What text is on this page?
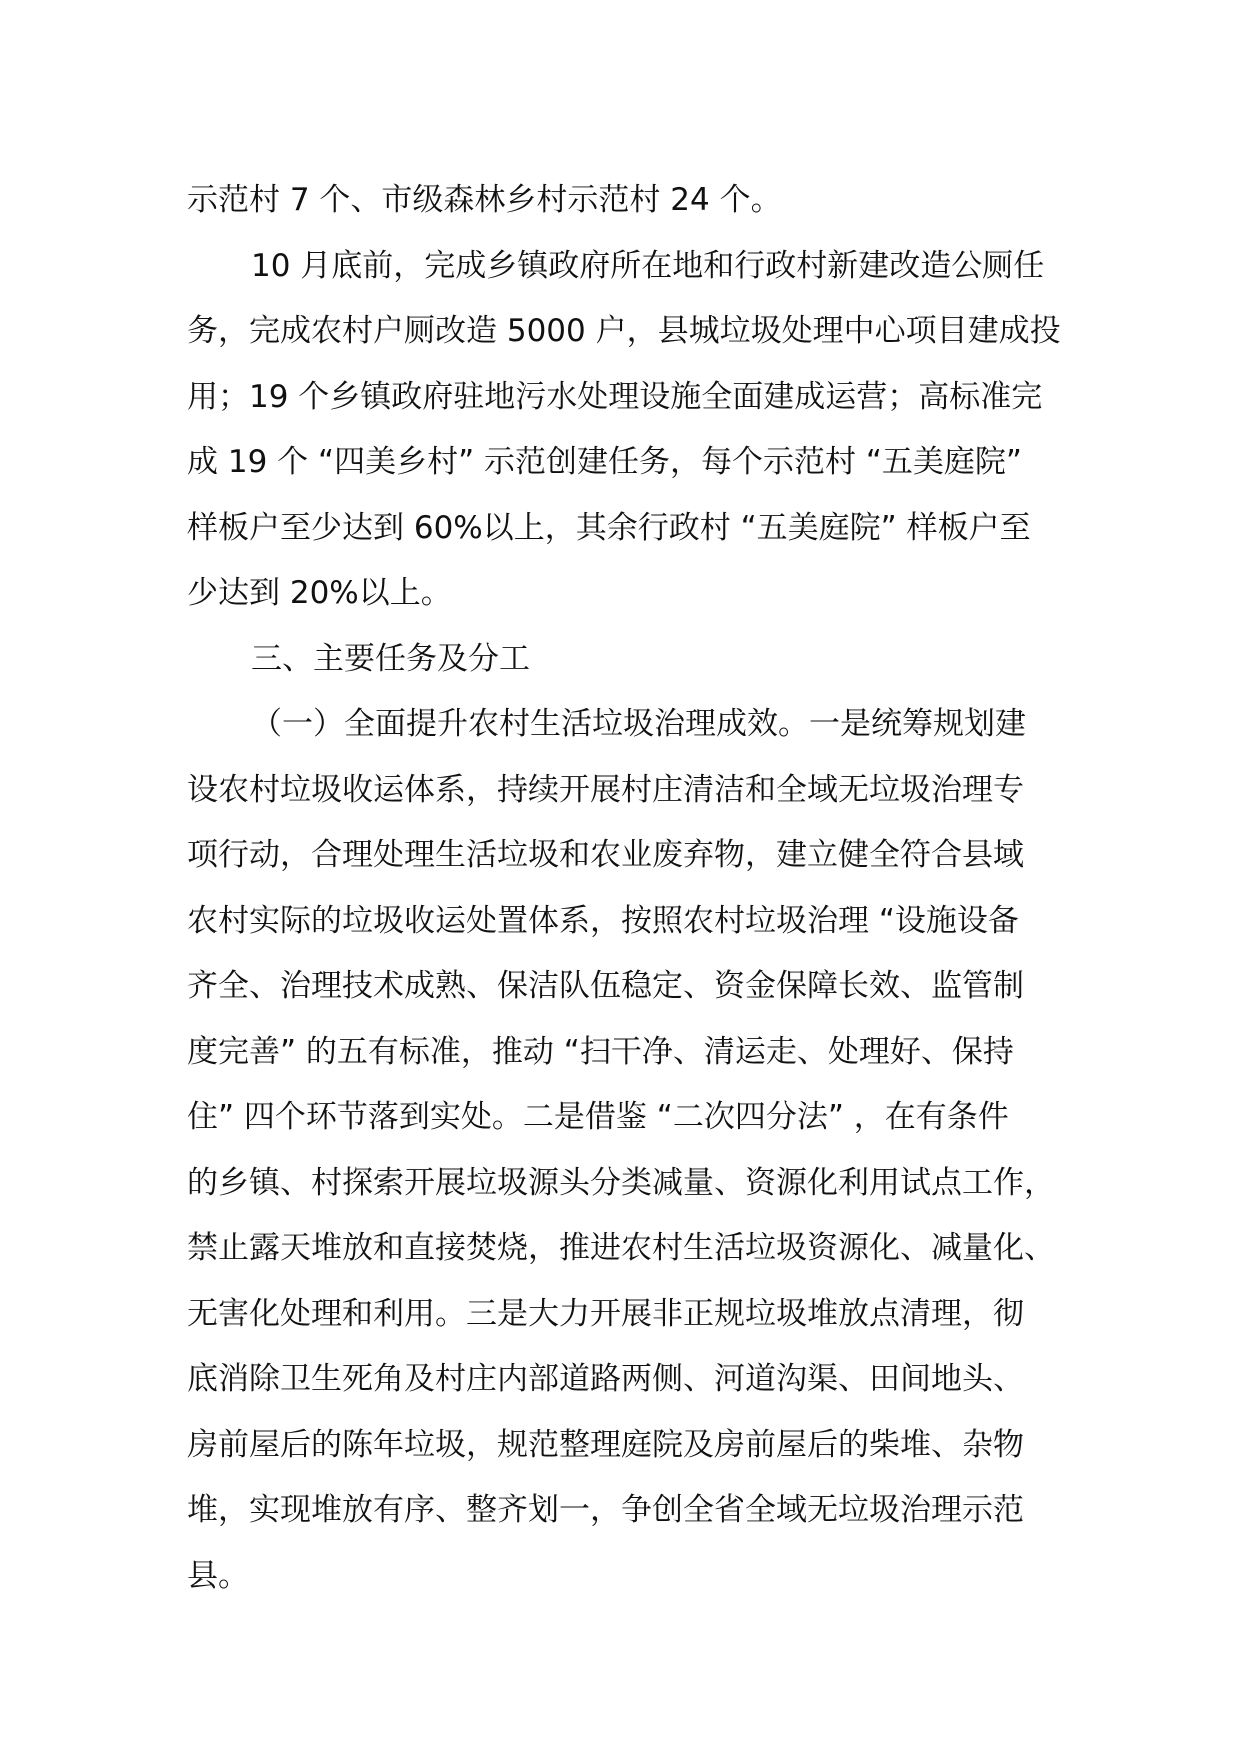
示范村 7 个、市级森林乡村示范村 24 个。
10 月底前，完成乡镇政府所在地和行政村新建改造公厕任
务，完成农村户厕改造 5000 户，县城垃圾处理中心项目建成投
用；19 个乡镇政府驻地污水处理设施全面建成运营；高标准完
成 19 个 “四美乡村” 示范创建任务，每个示范村 “五美庭院”
样板户至少达到 60%以上，其余行政村 “五美庭院” 样板户至
少达到 20%以上。
三、主要任务及分工
（一）全面提升农村生活垃圾治理成效。一是统筹规划建
设农村垃圾收运体系，持续开展村庄清洁和全域无垃圾治理专
项行动，合理处理生活垃圾和农业废弃物，建立健全符合县域
农村实际的垃圾收运处置体系，按照农村垃圾治理 “设施设备
齐全、治理技术成熟、保洁队伍稳定、资金保障长效、监管制
度完善” 的五有标准，推动 “扫干净、清运走、处理好、保持
住” 四个环节落到实处。二是借鉴 “二次四分法” ，在有条件
的乡镇、村探索开展垃圾源头分类减量、资源化利用试点工作，
禁止露天堆放和直接焚烧，推进农村生活垃圾资源化、减量化、
无害化处理和利用。三是大力开展非正规垃圾堆放点清理，彻
底消除卫生死角及村庄内部道路两侧、河道沟渠、田间地头、
房前屋后的陈年垃圾，规范整理庭院及房前屋后的柴堆、杂物
堆，实现堆放有序、整齐划一，争创全省全域无垃圾治理示范
县。
